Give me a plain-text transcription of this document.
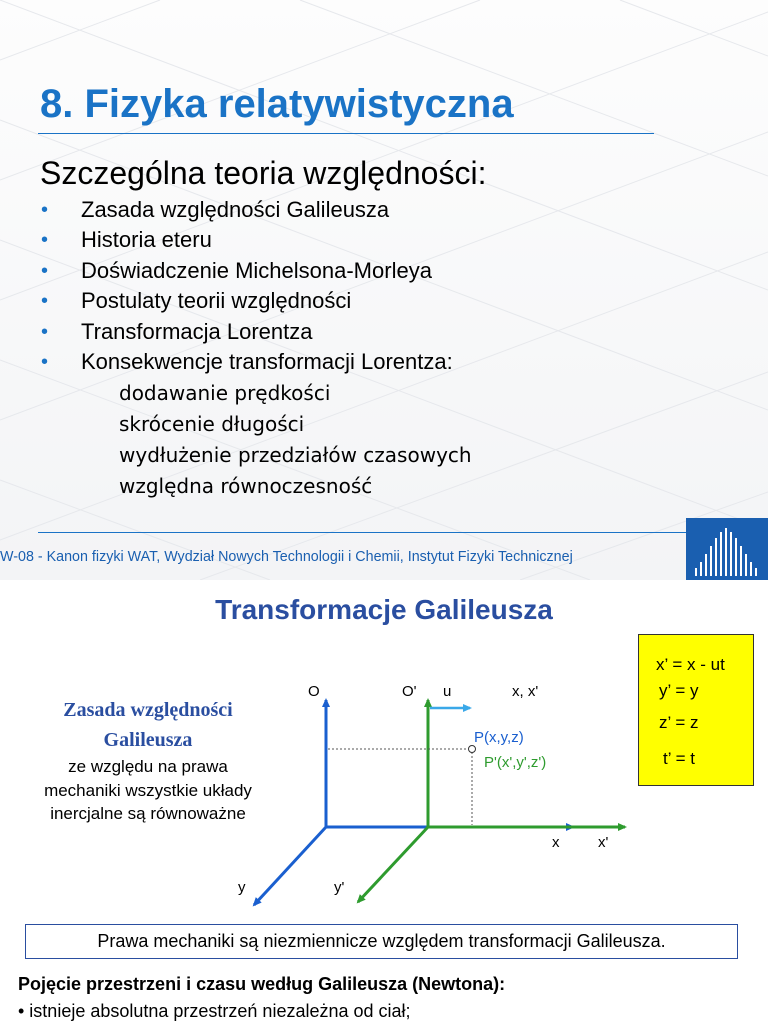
8. Fizyka relatywistyczna
Szczególna teoria względności:
• Zasada względności Galileusza
• Historia eteru
• Doświadczenie Michelsona-Morleya
• Postulaty teorii względności
• Transformacja Lorentza
• Konsekwencje transformacji Lorentza:
dodawanie prędkości
skrócenie długości
wydłużenie przedziałów czasowych
względna równoczesność
W-08 - Kanon fizyki WAT, Wydział Nowych Technologii i Chemii, Instytut Fizyki Technicznej
Transformacje Galileusza
Zasada względności
Galileusza
ze względu na prawa
mechaniki wszystkie układy
inercjalne są równoważne
O	O' u	x, x'
P(x,y,z)
P'(x',y',z')
x	x'
y	y'
x’ = x - ut
y’ = y
z’ = z
t’ = t
Prawa mechaniki są niezmiennicze względem transformacji Galileusza.
Pojęcie przestrzeni i czasu według Galileusza (Newtona):
• istnieje absolutna przestrzeń niezależna od ciał;
